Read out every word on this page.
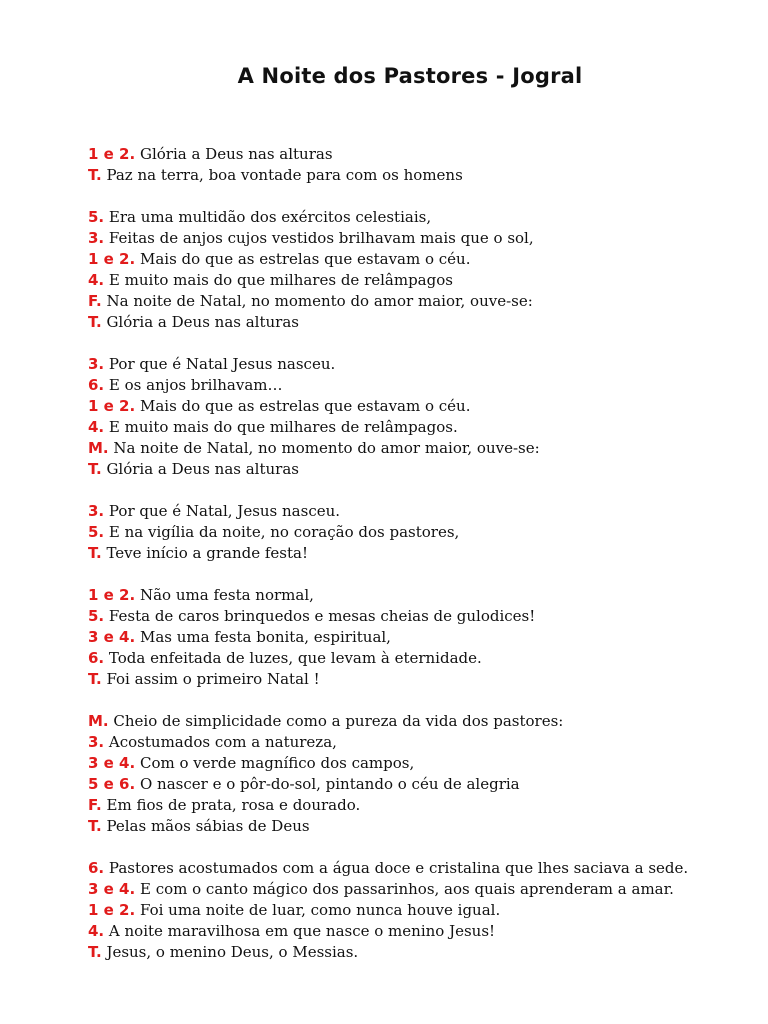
A Noite dos Pastores - Jogral
1 e 2. Glória a Deus nas alturas
T. Paz na terra, boa vontade para com os homens
5. Era uma multidão dos exércitos celestiais,
3. Feitas de anjos cujos vestidos brilhavam mais que o sol,
1 e 2. Mais do que as estrelas que estavam o céu.
4. E muito mais do que milhares de relâmpagos
F. Na noite de Natal, no momento do amor maior, ouve-se:
T. Glória a Deus nas alturas
3. Por que é Natal Jesus nasceu.
6. E os anjos brilhavam…
1 e 2. Mais do que as estrelas que estavam o céu.
4. E muito mais do que milhares de relâmpagos.
M. Na noite de Natal, no momento do amor maior, ouve-se:
T. Glória a Deus nas alturas
3. Por que é Natal, Jesus nasceu.
5. E na vigília da noite, no coração dos pastores,
T. Teve início a grande festa!
1 e 2. Não uma festa normal,
5. Festa de caros brinquedos e mesas cheias de gulodices!
3 e 4. Mas uma festa bonita, espiritual,
6. Toda enfeitada de luzes, que levam à eternidade.
T. Foi assim o primeiro Natal !
M. Cheio de simplicidade como a pureza da vida dos pastores:
3. Acostumados com a natureza,
3 e 4. Com o verde magnífico dos campos,
5 e 6. O nascer e o pôr-do-sol, pintando o céu de alegria
F. Em fios de prata, rosa e dourado.
T. Pelas mãos sábias de Deus
6. Pastores acostumados com a água doce e cristalina que lhes saciava a sede.
3 e 4. E com o canto mágico dos passarinhos, aos quais aprenderam a amar.
1 e 2. Foi uma noite de luar, como nunca houve igual.
4. A noite maravilhosa em que nasce o menino Jesus!
T. Jesus, o menino Deus, o Messias.
